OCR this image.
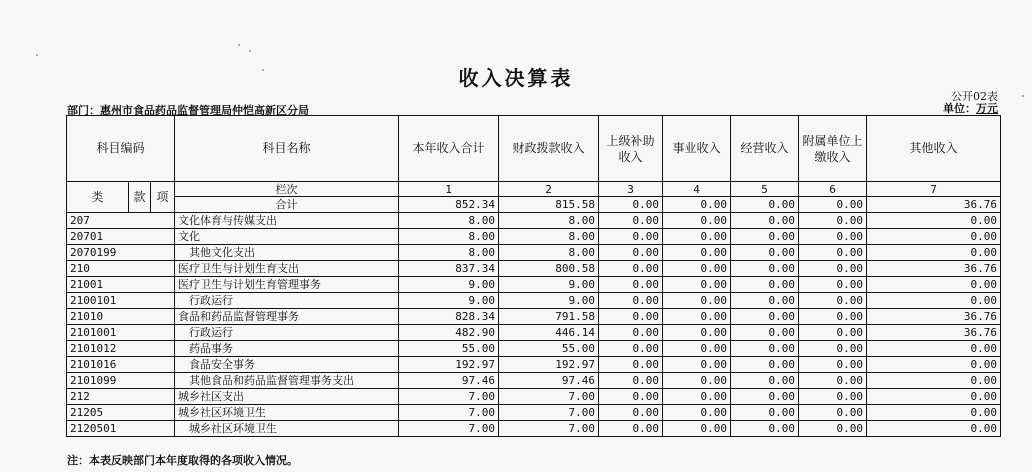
收入决算表
公开02表
单位：万元
部门：惠州市食品药品监督管理局仲恺高新区分局
科目编码			科目名称	本年收入合计	财政拨款收入	上级补助收入	事业收入	经营收入	附属单位上缴收入	其他收入
类	款	项	栏次	1	2	3	4	5	6	7
			合计	852.34	815.58	0.00	0.00	0.00	0.00	36.76
207			文化体育与传媒支出	8.00	8.00	0.00	0.00	0.00	0.00	0.00
20701			文化	8.00	8.00	0.00	0.00	0.00	0.00	0.00
2070199			其他文化支出	8.00	8.00	0.00	0.00	0.00	0.00	0.00
210			医疗卫生与计划生育支出	837.34	800.58	0.00	0.00	0.00	0.00	36.76
21001			医疗卫生与计划生育管理事务	9.00	9.00	0.00	0.00	0.00	0.00	0.00
2100101			行政运行	9.00	9.00	0.00	0.00	0.00	0.00	0.00
21010			食品和药品监督管理事务	828.34	791.58	0.00	0.00	0.00	0.00	36.76
2101001			行政运行	482.90	446.14	0.00	0.00	0.00	0.00	36.76
2101012			药品事务	55.00	55.00	0.00	0.00	0.00	0.00	0.00
2101016			食品安全事务	192.97	192.97	0.00	0.00	0.00	0.00	0.00
2101099			其他食品和药品监督管理事务支出	97.46	97.46	0.00	0.00	0.00	0.00	0.00
212			城乡社区支出	7.00	7.00	0.00	0.00	0.00	0.00	0.00
21205			城乡社区环境卫生	7.00	7.00	0.00	0.00	0.00	0.00	0.00
2120501			城乡社区环境卫生	7.00	7.00	0.00	0.00	0.00	0.00	0.00
注：本表反映部门本年度取得的各项收入情况。
